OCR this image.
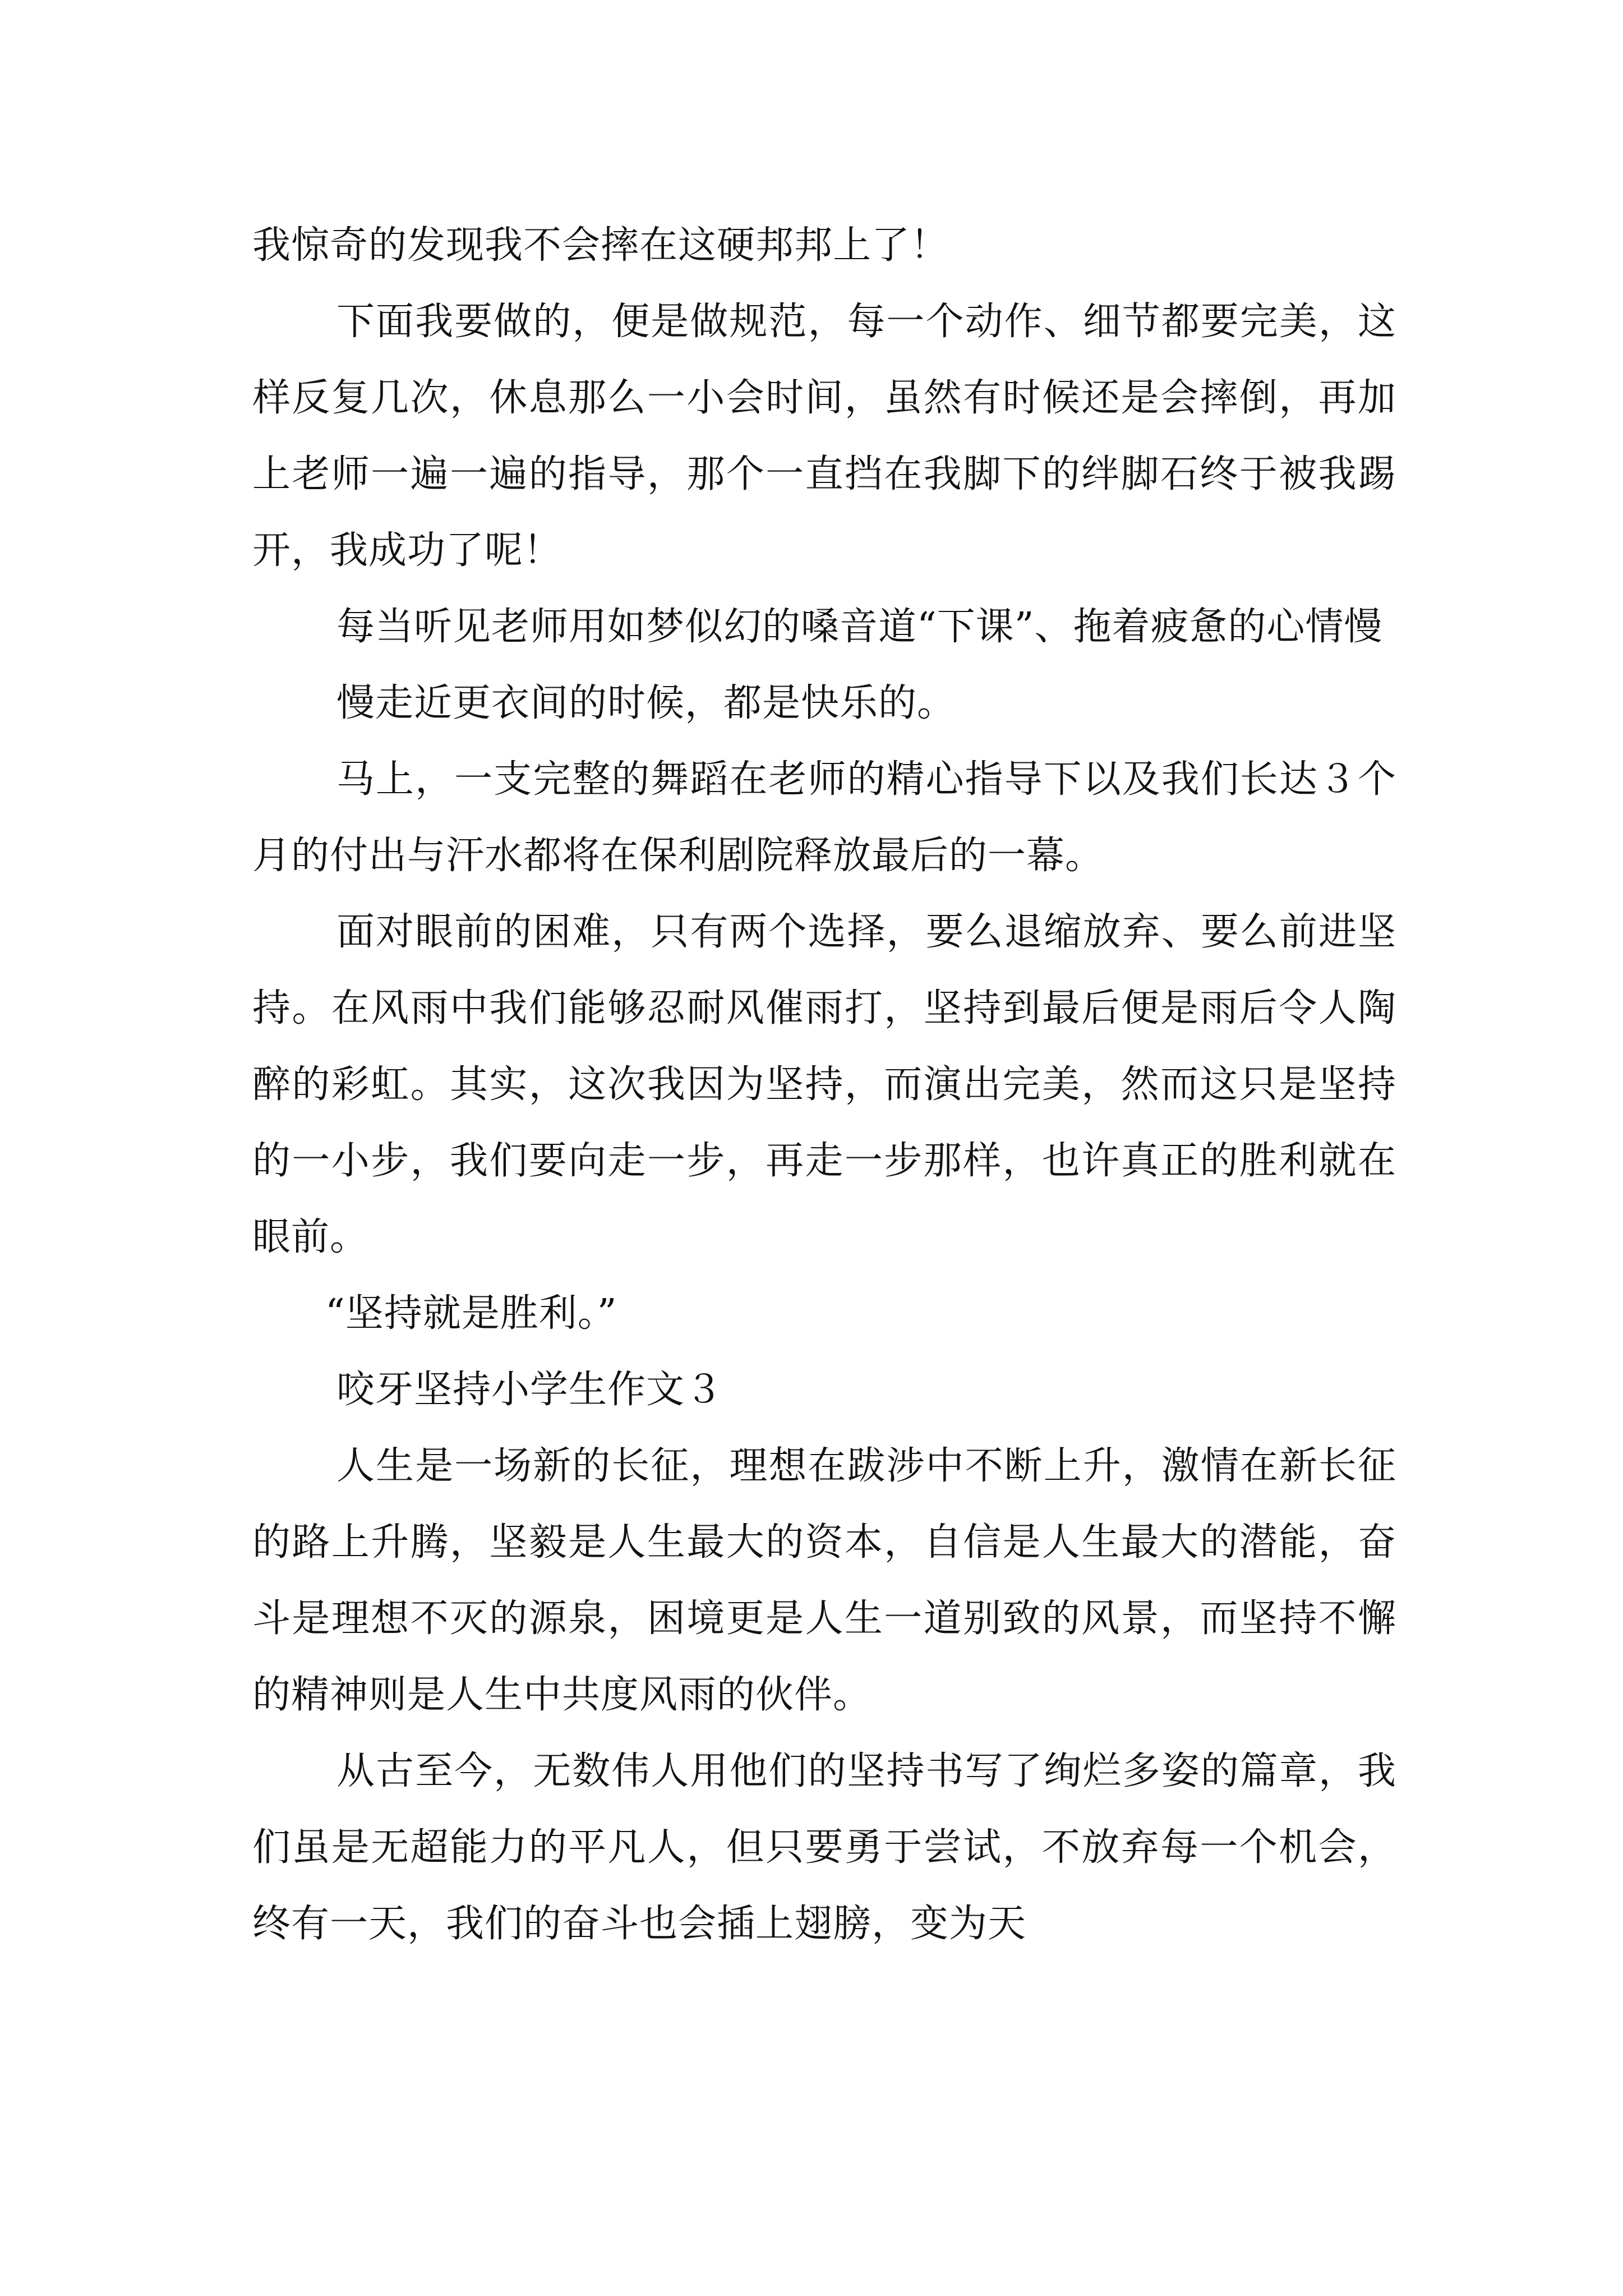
我惊奇的发现我不会摔在这硬邦邦上了！

下面我要做的，便是做规范，每一个动作、细节都要完美，这样反复几次，休息那么一小会时间，虽然有时候还是会摔倒，再加上老师一遍一遍的指导，那个一直挡在我脚下的绊脚石终于被我踢开，我成功了呢！

每当听见老师用如梦似幻的嗓音道“下课”、拖着疲惫的心情慢

慢走近更衣间的时候，都是快乐的。

马上，一支完整的舞蹈在老师的精心指导下以及我们长达３个月的付出与汗水都将在保利剧院释放最后的一幕。

面对眼前的困难，只有两个选择，要么退缩放弃、要么前进坚持。在风雨中我们能够忍耐风催雨打，坚持到最后便是雨后令人陶醉的彩虹。其实，这次我因为坚持，而演出完美，然而这只是坚持的一小步，我们要向走一步，再走一步那样，也许真正的胜利就在眼前。

“坚持就是胜利。”

咬牙坚持小学生作文３

人生是一场新的长征，理想在跋涉中不断上升，激情在新长征的路上升腾，坚毅是人生最大的资本，自信是人生最大的潜能，奋斗是理想不灭的源泉，困境更是人生一道别致的风景，而坚持不懈的精神则是人生中共度风雨的伙伴。

从古至今，无数伟人用他们的坚持书写了绚烂多姿的篇章，我们虽是无超能力的平凡人，但只要勇于尝试，不放弃每一个机会，终有一天，我们的奋斗也会插上翅膀，变为天
